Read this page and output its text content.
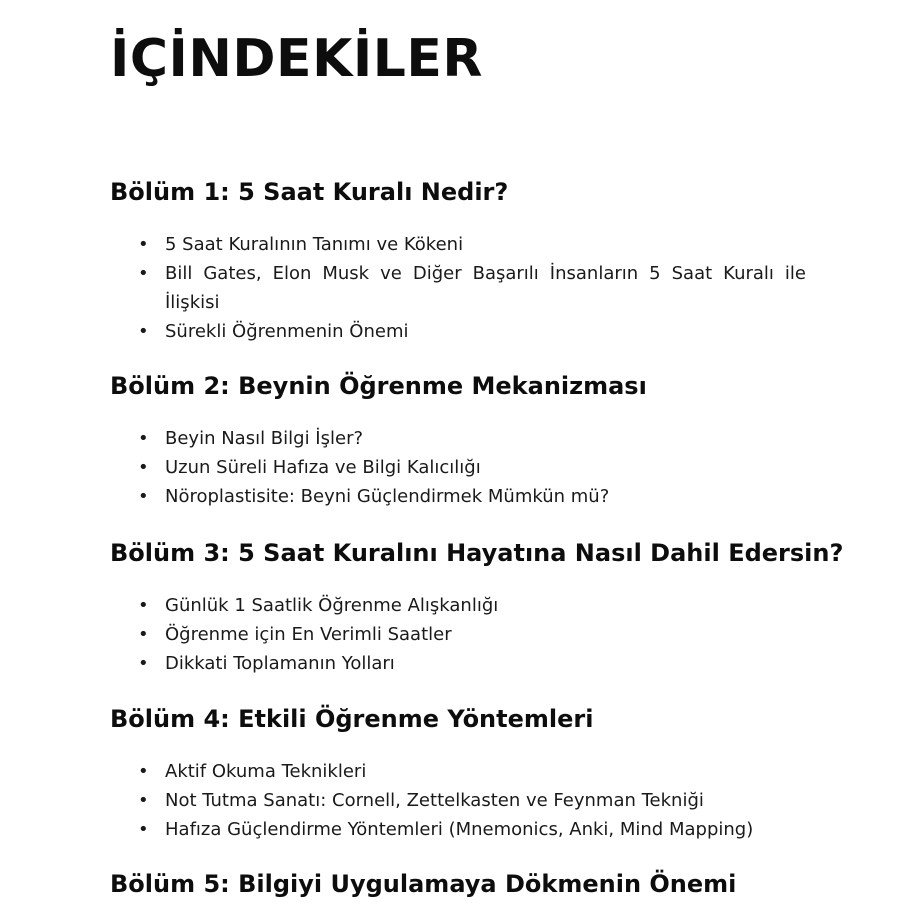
İÇİNDEKİLER
Bölüm 1: 5 Saat Kuralı Nedir?
• 5 Saat Kuralının Tanımı ve Kökeni
• Bill Gates, Elon Musk ve Diğer Başarılı İnsanların 5 Saat Kuralı ile İlişkisi
• Sürekli Öğrenmenin Önemi
Bölüm 2: Beynin Öğrenme Mekanizması
• Beyin Nasıl Bilgi İşler?
• Uzun Süreli Hafıza ve Bilgi Kalıcılığı
• Nöroplastisite: Beyni Güçlendirmek Mümkün mü?
Bölüm 3: 5 Saat Kuralını Hayatına Nasıl Dahil Edersin?
• Günlük 1 Saatlik Öğrenme Alışkanlığı
• Öğrenme için En Verimli Saatler
• Dikkati Toplamanın Yolları
Bölüm 4: Etkili Öğrenme Yöntemleri
• Aktif Okuma Teknikleri
• Not Tutma Sanatı: Cornell, Zettelkasten ve Feynman Tekniği
• Hafıza Güçlendirme Yöntemleri (Mnemonics, Anki, Mind Mapping)
Bölüm 5: Bilgiyi Uygulamaya Dökmenin Önemi
